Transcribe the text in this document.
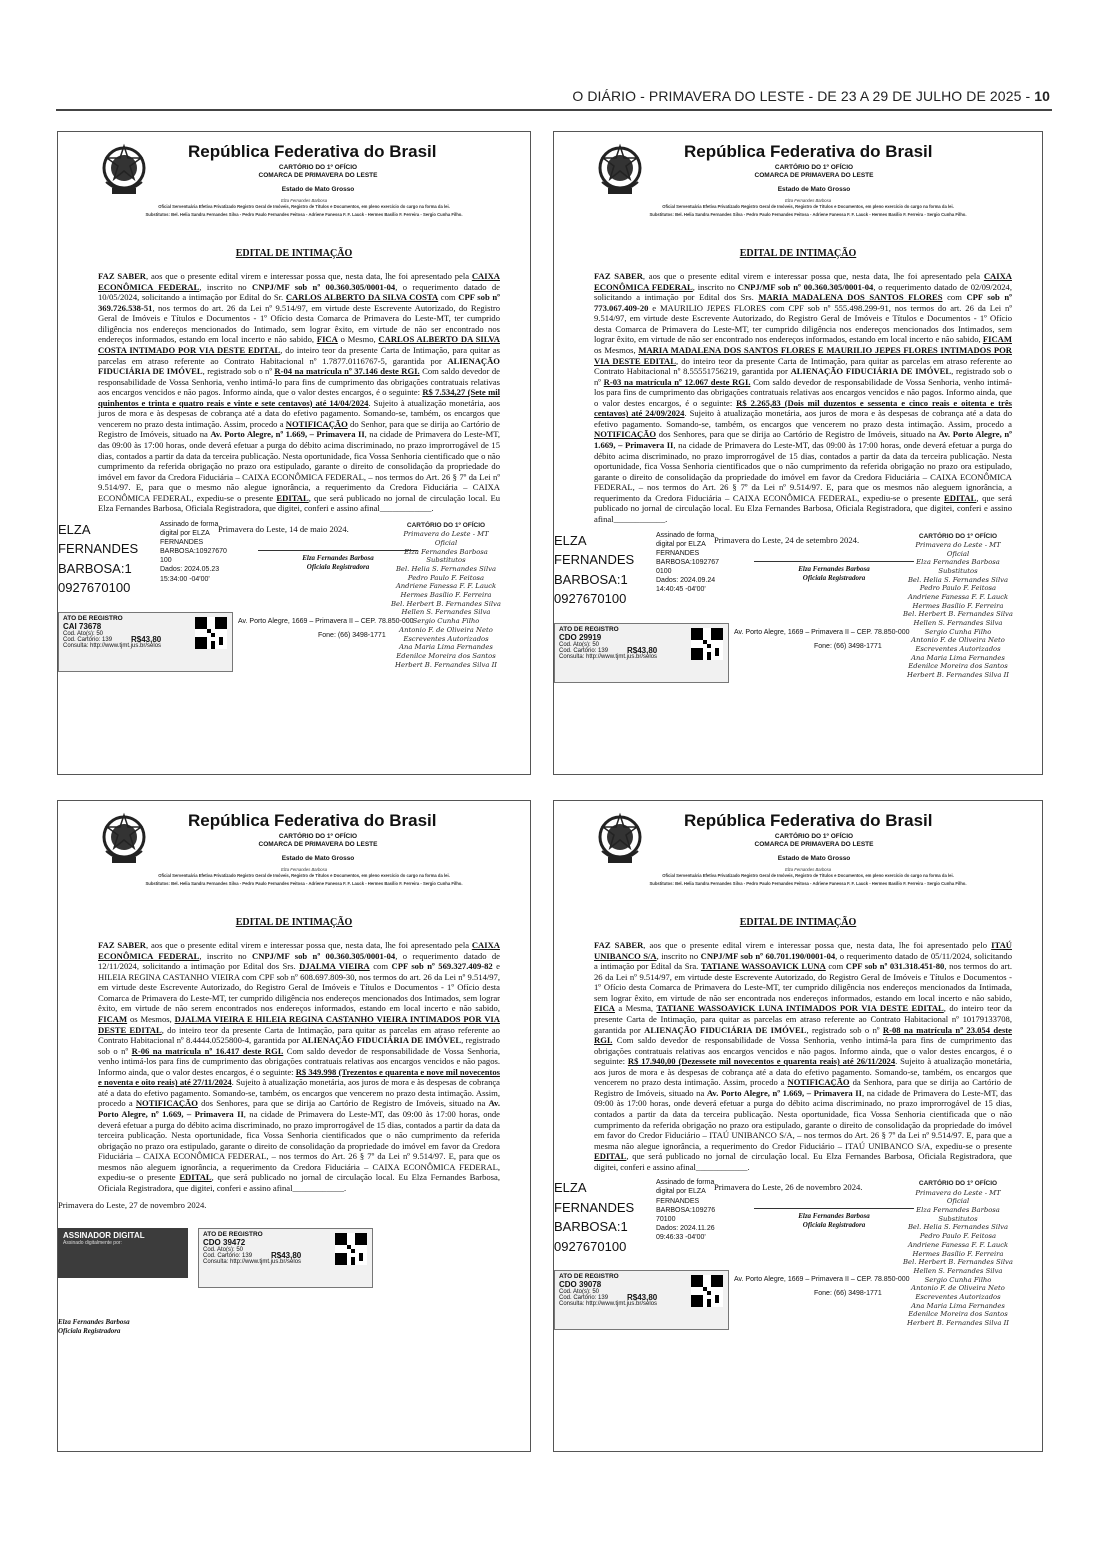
O DIÁRIO - PRIMAVERA DO LESTE - DE 23 A 29 DE JULHO DE 2025 - 10
República Federativa do Brasil
CARTÓRIO DO 1º OFÍCIO
COMARCA DE PRIMAVERA DO LESTE
Estado de Mato Grosso
Elza Fernandes Barbosa
Oficial Serventuária Efetiva Privatizado Registro Geral de Imóveis, Registro de Títulos e Documentos, em pleno exercício do cargo na forma da lei.
Substitutos: Bel. Helia Sandra Fernandes Silva - Pedro Paulo Fernandes Feitosa - Adriene Fanessa F. F. Lauck - Hermes Basílio F. Ferreira - Sergio Cunha Filho.
EDITAL DE INTIMAÇÃO
FAZ SABER, aos que o presente edital virem e interessar possa que, nesta data, lhe foi apresentado pela CAIXA ECONÔMICA FEDERAL, inscrito no CNPJ/MF sob nº 00.360.305/0001-04, o requerimento datado de 10/05/2024, solicitando a intimação por Edital do Sr. CARLOS ALBERTO DA SILVA COSTA com CPF sob nº 369.726.538-51, nos termos do art. 26 da Lei nº 9.514/97, em virtude deste Escrevente Autorizado, do Registro Geral de Imóveis e Títulos e Documentos - 1º Ofício desta Comarca de Primavera do Leste-MT, ter cumprido diligência nos endereços mencionados do Intimado, sem lograr êxito, em virtude de não ser encontrado nos endereços informados, estando em local incerto e não sabido, FICA o Mesmo, CARLOS ALBERTO DA SILVA COSTA INTIMADO POR VIA DESTE EDITAL, do inteiro teor da presente Carta de Intimação, para quitar as parcelas em atraso referente ao Contrato Habitacional nº 1.7877.0116767-5, garantida por ALIENAÇÃO FIDUCIÁRIA DE IMÓVEL, registrado sob o nº R-04 na matrícula nº 37.146 deste RGI. Com saldo devedor de responsabilidade de Vossa Senhoria, venho intimá-lo para fins de cumprimento das obrigações contratuais relativas aos encargos vencidos e não pagos. Informo ainda, que o valor destes encargos, é o seguinte: R$ 7.534,27 (Sete mil quinhentos e trinta e quatro reais e vinte e sete centavos) até 14/04/2024. Sujeito à atualização monetária, aos juros de mora e às despesas de cobrança até a data do efetivo pagamento. Somando-se, também, os encargos que vencerem no prazo desta intimação. Assim, procedo a NOTIFICAÇÃO do Senhor, para que se dirija ao Cartório de Registro de Imóveis, situado na Av. Porto Alegre, nº 1.669, – Primavera II, na cidade de Primavera do Leste-MT, das 09:00 às 17:00 horas, onde deverá efetuar a purga do débito acima discriminado, no prazo improrrogável de 15 dias, contados a partir da data da terceira publicação. Nesta oportunidade, fica Vossa Senhoria cientificado que o não cumprimento da referida obrigação no prazo ora estipulado, garante o direito de consolidação da propriedade do imóvel em favor da Credora Fiduciária – CAIXA ECONÔMICA FEDERAL, – nos termos do Art. 26 § 7º da Lei nº 9.514/97. E, para que o mesmo não alegue ignorância, a requerimento da Credora Fiduciária – CAIXA ECONÔMICA FEDERAL, expediu-se o presente EDITAL, que será publicado no jornal de circulação local. Eu Elza Fernandes Barbosa, Oficiala Registradora, que digitei, conferi e assino afinal____________.
ELZA
FERNANDES
BARBOSA:1
0927670100
Assinado de forma
digital por ELZA
FERNANDES
BARBOSA:10927670
100
Dados: 2024.05.23
15:34:00 -04'00'
Primavera do Leste, 14 de maio 2024.
Elza Fernandes Barbosa
Oficiala Registradora
CARTÓRIO DO 1º OFÍCIO
Primavera do Leste - MT
Oficial
Elza Fernandes Barbosa
Substitutos
Bel. Helia S. Fernandes Silva
Pedro Paulo F. Feitosa
Andriene Fanessa F. F. Lauck
Hermes Basílio F. Ferreira
Bel. Herbert B. Fernandes Silva
Hellen S. Fernandes Silva
Sergio Cunha Filho
Antonio F. de Oliveira Neto
Escreventes Autorizados
Ana Maria Lima Fernandes
Edenilce Moreira dos Santos
Herbert B. Fernandes Silva II
ATO DE REGISTRO
CAI 73678
R$43,80
Cod. Ato(s): 50
Cod. Cartório: 139
Consulta: http://www.tjmt.jus.br/selos
Av. Porto Alegre, 1669 – Primavera II – CEP. 78.850-000
Fone: (66) 3498-1771
República Federativa do Brasil
CARTÓRIO DO 1º OFÍCIO
COMARCA DE PRIMAVERA DO LESTE
Estado de Mato Grosso
Elza Fernandes Barbosa
Oficial Serventuária Efetiva Privatizado Registro Geral de Imóveis, Registro de Títulos e Documentos, em pleno exercício do cargo na forma da lei.
Substitutos: Bel. Helia Sandra Fernandes Silva - Pedro Paulo Fernandes Feitosa - Adriene Fanessa F. F. Lauck - Hermes Basílio F. Ferreira - Sergio Cunha Filho.
EDITAL DE INTIMAÇÃO
FAZ SABER, aos que o presente edital virem e interessar possa que, nesta data, lhe foi apresentado pela CAIXA ECONÔMICA FEDERAL, inscrito no CNPJ/MF sob nº 00.360.305/0001-04, o requerimento datado de 02/09/2024, solicitando a intimação por Edital dos Srs. MARIA MADALENA DOS SANTOS FLORES com CPF sob nº 773.067.409-20 e MAURILIO JEPES FLORES com CPF sob nº 555.498.299-91, nos termos do art. 26 da Lei nº 9.514/97, em virtude deste Escrevente Autorizado, do Registro Geral de Imóveis e Títulos e Documentos - 1º Ofício desta Comarca de Primavera do Leste-MT, ter cumprido diligência nos endereços mencionados dos Intimados, sem lograr êxito, em virtude de não ser encontrado nos endereços informados, estando em local incerto e não sabido, FICAM os Mesmos, MARIA MADALENA DOS SANTOS FLORES E MAURILIO JEPES FLORES INTIMADOS POR VIA DESTE EDITAL, do inteiro teor da presente Carta de Intimação, para quitar as parcelas em atraso referente ao Contrato Habitacional nº 8.55551756219, garantida por ALIENAÇÃO FIDUCIÁRIA DE IMÓVEL, registrado sob o nº R-03 na matrícula nº 12.067 deste RGI. Com saldo devedor de responsabilidade de Vossa Senhoria, venho intimá-los para fins de cumprimento das obrigações contratuais relativas aos encargos vencidos e não pagos. Informo ainda, que o valor destes encargos, é o seguinte: R$ 2.265,83 (Dois mil duzentos e sessenta e cinco reais e oitenta e três centavos) até 24/09/2024. Sujeito à atualização monetária, aos juros de mora e às despesas de cobrança até a data do efetivo pagamento. Somando-se, também, os encargos que vencerem no prazo desta intimação. Assim, procedo a NOTIFICAÇÃO dos Senhores, para que se dirija ao Cartório de Registro de Imóveis, situado na Av. Porto Alegre, nº 1.669, – Primavera II, na cidade de Primavera do Leste-MT, das 09:00 às 17:00 horas, onde deverá efetuar a purga do débito acima discriminado, no prazo improrrogável de 15 dias, contados a partir da data da terceira publicação. Nesta oportunidade, fica Vossa Senhoria cientificados que o não cumprimento da referida obrigação no prazo ora estipulado, garante o direito de consolidação da propriedade do imóvel em favor da Credora Fiduciária – CAIXA ECONÔMICA FEDERAL, – nos termos do Art. 26 § 7º da Lei nº 9.514/97. E, para que os mesmos não aleguem ignorância, a requerimento da Credora Fiduciária – CAIXA ECONÔMICA FEDERAL, expediu-se o presente EDITAL, que será publicado no jornal de circulação local. Eu Elza Fernandes Barbosa, Oficiala Registradora, que digitei, conferi e assino afinal____________.
ELZA
FERNANDES
BARBOSA:1
0927670100
Assinado de forma
digital por ELZA
FERNANDES
BARBOSA:1092767
0100
Dados: 2024.09.24
14:40:45 -04'00'
Primavera do Leste, 24 de setembro 2024.
Elza Fernandes Barbosa
Oficiala Registradora
CARTÓRIO DO 1º OFÍCIO
Primavera do Leste - MT
Oficial
Elza Fernandes Barbosa
Substitutos
Bel. Helia S. Fernandes Silva
Pedro Paulo F. Feitosa
Andriene Fanessa F. F. Lauck
Hermes Basílio F. Ferreira
Bel. Herbert B. Fernandes Silva
Hellen S. Fernandes Silva
Sergio Cunha Filho
Antonio F. de Oliveira Neto
Escreventes Autorizados
Ana Maria Lima Fernandes
Edenilce Moreira dos Santos
Herbert B. Fernandes Silva II
ATO DE REGISTRO
CDO 29919
R$43,80
Cod. Ato(s): 50
Cod. Cartório: 139
Consulta: http://www.tjmt.jus.br/selos
Av. Porto Alegre, 1669 – Primavera II – CEP. 78.850-000
Fone: (66) 3498-1771
República Federativa do Brasil
CARTÓRIO DO 1º OFÍCIO
COMARCA DE PRIMAVERA DO LESTE
Estado de Mato Grosso
Elza Fernandes Barbosa
Oficial Serventuária Efetiva Privatizado Registro Geral de Imóveis, Registro de Títulos e Documentos, em pleno exercício do cargo na forma da lei.
Substitutos: Bel. Helia Sandra Fernandes Silva - Pedro Paulo Fernandes Feitosa - Adriene Fanessa F. F. Lauck - Hermes Basílio F. Ferreira - Sergio Cunha Filho.
EDITAL DE INTIMAÇÃO
FAZ SABER, aos que o presente edital virem e interessar possa que, nesta data, lhe foi apresentado pela CAIXA ECONÔMICA FEDERAL, inscrito no CNPJ/MF sob nº 00.360.305/0001-04, o requerimento datado de 12/11/2024, solicitando a intimação por Edital dos Srs. DJALMA VIEIRA com CPF sob nº 569.327.409-82 e HILEIA REGINA CASTANHO VIEIRA com CPF sob nº 608.697.809-30, nos termos do art. 26 da Lei nº 9.514/97, em virtude deste Escrevente Autorizado, do Registro Geral de Imóveis e Títulos e Documentos - 1º Ofício desta Comarca de Primavera do Leste-MT, ter cumprido diligência nos endereços mencionados dos Intimados, sem lograr êxito, em virtude de não serem encontrados nos endereços informados, estando em local incerto e não sabido, FICAM os Mesmos, DJALMA VIEIRA E HILEIA REGINA CASTANHO VIEIRA INTIMADOS POR VIA DESTE EDITAL, do inteiro teor da presente Carta de Intimação, para quitar as parcelas em atraso referente ao Contrato Habitacional nº 8.4444.0525800-4, garantida por ALIENAÇÃO FIDUCIÁRIA DE IMÓVEL, registrado sob o nº R-06 na matrícula nº 16.417 deste RGI. Com saldo devedor de responsabilidade de Vossa Senhoria, venho intimá-los para fins de cumprimento das obrigações contratuais relativas aos encargos vencidos e não pagos. Informo ainda, que o valor destes encargos, é o seguinte: R$ 349.998 (Trezentos e quarenta e nove mil novecentos e noventa e oito reais) até 27/11/2024. Sujeito à atualização monetária, aos juros de mora e às despesas de cobrança até a data do efetivo pagamento. Somando-se, também, os encargos que vencerem no prazo desta intimação. Assim, procedo a NOTIFICAÇÃO dos Senhores, para que se dirija ao Cartório de Registro de Imóveis, situado na Av. Porto Alegre, nº 1.669, – Primavera II, na cidade de Primavera do Leste-MT, das 09:00 às 17:00 horas, onde deverá efetuar a purga do débito acima discriminado, no prazo improrrogável de 15 dias, contados a partir da data da terceira publicação. Nesta oportunidade, fica Vossa Senhoria cientificados que o não cumprimento da referida obrigação no prazo ora estipulado, garante o direito de consolidação da propriedade do imóvel em favor da Credora Fiduciária – CAIXA ECONÔMICA FEDERAL, – nos termos do Art. 26 § 7º da Lei nº 9.514/97. E, para que os mesmos não aleguem ignorância, a requerimento da Credora Fiduciária – CAIXA ECONÔMICA FEDERAL, expediu-se o presente EDITAL, que será publicado no jornal de circulação local. Eu Elza Fernandes Barbosa, Oficiala Registradora, que digitei, conferi e assino afinal____________.
ASSINADOR DIGITAL
Assinado digitalmente por:
Primavera do Leste, 27 de novembro 2024.
Elza Fernandes Barbosa
Oficiala Registradora
ATO DE REGISTRO
CDO 39472
R$43,80
Cod. Ato(s): 50
Cod. Cartório: 139
Consulta: http://www.tjmt.jus.br/selos
República Federativa do Brasil
CARTÓRIO DO 1º OFÍCIO
COMARCA DE PRIMAVERA DO LESTE
Estado de Mato Grosso
Elza Fernandes Barbosa
Oficial Serventuária Efetiva Privatizado Registro Geral de Imóveis, Registro de Títulos e Documentos, em pleno exercício do cargo na forma da lei.
Substitutos: Bel. Helia Sandra Fernandes Silva - Pedro Paulo Fernandes Feitosa - Adriene Fanessa F. F. Lauck - Hermes Basílio F. Ferreira - Sergio Cunha Filho.
EDITAL DE INTIMAÇÃO
FAZ SABER, aos que o presente edital virem e interessar possa que, nesta data, lhe foi apresentado pelo ITAÚ UNIBANCO S/A, inscrito no CNPJ/MF sob nº 60.701.190/0001-04, o requerimento datado de 05/11/2024, solicitando a intimação por Edital da Sra. TATIANE WASSOAVICK LUNA com CPF sob nº 031.318.451-80, nos termos do art. 26 da Lei nº 9.514/97, em virtude deste Escrevente Autorizado, do Registro Geral de Imóveis e Títulos e Documentos - 1º Ofício desta Comarca de Primavera do Leste-MT, ter cumprido diligência nos endereços mencionados da Intimada, sem lograr êxito, em virtude de não ser encontrada nos endereços informados, estando em local incerto e não sabido, FICA a Mesma, TATIANE WASSOAVICK LUNA INTIMADOS POR VIA DESTE EDITAL, do inteiro teor da presente Carta de Intimação, para quitar as parcelas em atraso referente ao Contrato Habitacional nº 10179133708, garantida por ALIENAÇÃO FIDUCIÁRIA DE IMÓVEL, registrado sob o nº R-08 na matrícula nº 23.054 deste RGI. Com saldo devedor de responsabilidade de Vossa Senhoria, venho intimá-la para fins de cumprimento das obrigações contratuais relativas aos encargos vencidos e não pagos. Informo ainda, que o valor destes encargos, é o seguinte: R$ 17.940,00 (Dezessete mil novecentos e quarenta reais) até 26/11/2024. Sujeito à atualização monetária, aos juros de mora e às despesas de cobrança até a data do efetivo pagamento. Somando-se, também, os encargos que vencerem no prazo desta intimação. Assim, procedo a NOTIFICAÇÃO da Senhora, para que se dirija ao Cartório de Registro de Imóveis, situado na Av. Porto Alegre, nº 1.669, – Primavera II, na cidade de Primavera do Leste-MT, das 09:00 às 17:00 horas, onde deverá efetuar a purga do débito acima discriminado, no prazo improrrogável de 15 dias, contados a partir da data da terceira publicação. Nesta oportunidade, fica Vossa Senhoria cientificada que o não cumprimento da referida obrigação no prazo ora estipulado, garante o direito de consolidação da propriedade do imóvel em favor do Credor Fiduciário – ITAÚ UNIBANCO S/A, – nos termos do Art. 26 § 7º da Lei nº 9.514/97. E, para que a mesma não alegue ignorância, a requerimento do Credor Fiduciário – ITAÚ UNIBANCO S/A, expediu-se o presente EDITAL, que será publicado no jornal de circulação local. Eu Elza Fernandes Barbosa, Oficiala Registradora, que digitei, conferi e assino afinal____________.
ELZA
FERNANDES
BARBOSA:1
0927670100
Assinado de forma
digital por ELZA
FERNANDES
BARBOSA:109276
70100
Dados: 2024.11.26
09:46:33 -04'00'
Primavera do Leste, 26 de novembro 2024.
Elza Fernandes Barbosa
Oficiala Registradora
CARTÓRIO DO 1º OFÍCIO
Primavera do Leste - MT
Oficial
Elza Fernandes Barbosa
Substitutos
Bel. Helia S. Fernandes Silva
Pedro Paulo F. Feitosa
Andriene Fanessa F. F. Lauck
Hermes Basílio F. Ferreira
Bel. Herbert B. Fernandes Silva
Hellen S. Fernandes Silva
Sergio Cunha Filho
Antonio F. de Oliveira Neto
Escreventes Autorizados
Ana Maria Lima Fernandes
Edenilce Moreira dos Santos
Herbert B. Fernandes Silva II
ATO DE REGISTRO
CDO 39078
R$43,80
Cod. Ato(s): 50
Cod. Cartório: 139
Consulta: http://www.tjmt.jus.br/selos
Av. Porto Alegre, 1669 – Primavera II – CEP. 78.850-000
Fone: (66) 3498-1771
